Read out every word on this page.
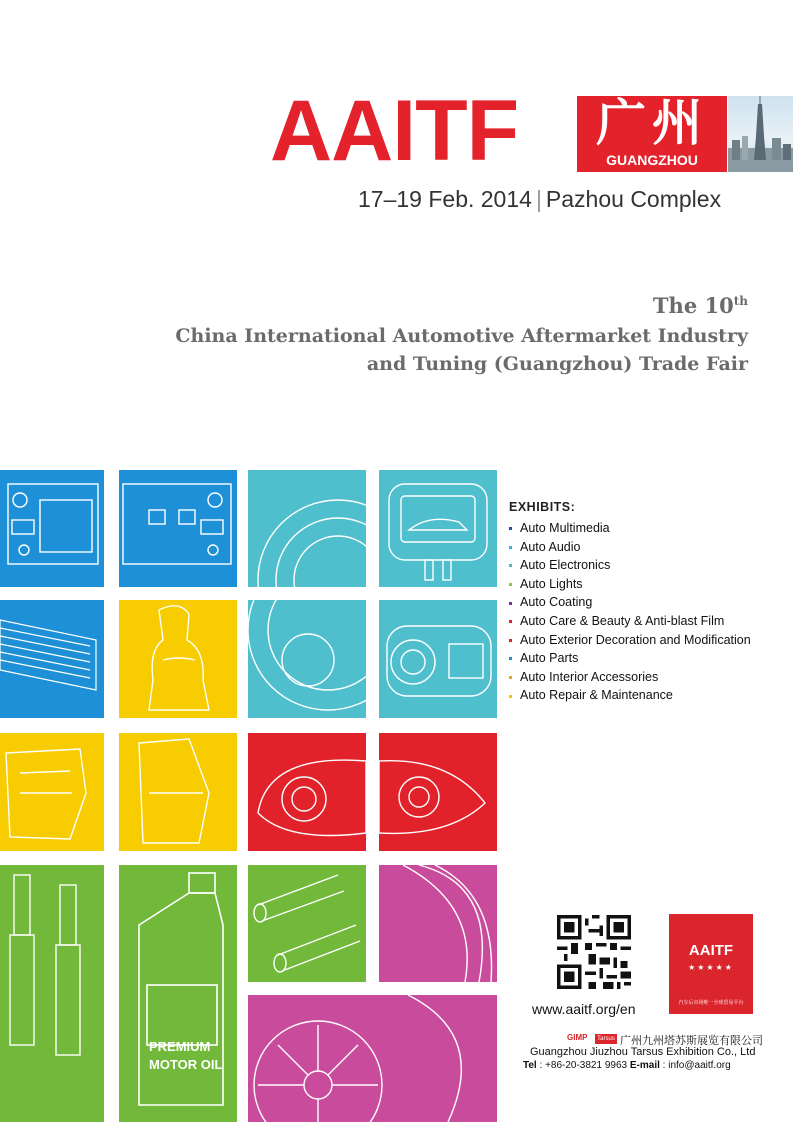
AAITF	广州
GUANGZHOU
17–19 Feb. 2014 | Pazhou Complex
The 10th
China International Automotive Aftermarket Industry
and Tuning (Guangzhou) Trade Fair
PREMIUM
MOTOR OIL
EXHIBITS:
Auto Multimedia
Auto Audio
Auto Electronics
Auto Lights
Auto Coating
Auto Care & Beauty & Anti-blast Film
Auto Exterior Decoration and Modification
Auto Parts
Auto Interior Accessories
Auto Repair & Maintenance
www.aaitf.org/en
AAITF
★★★★★
汽车后市场唯一全球贸易平台
GIMP	Tarsus 广州九州塔苏斯展览有限公司
Guangzhou Jiuzhou Tarsus Exhibition Co., Ltd
Tel : +86-20-3821 9963 E-mail : info@aaitf.org
